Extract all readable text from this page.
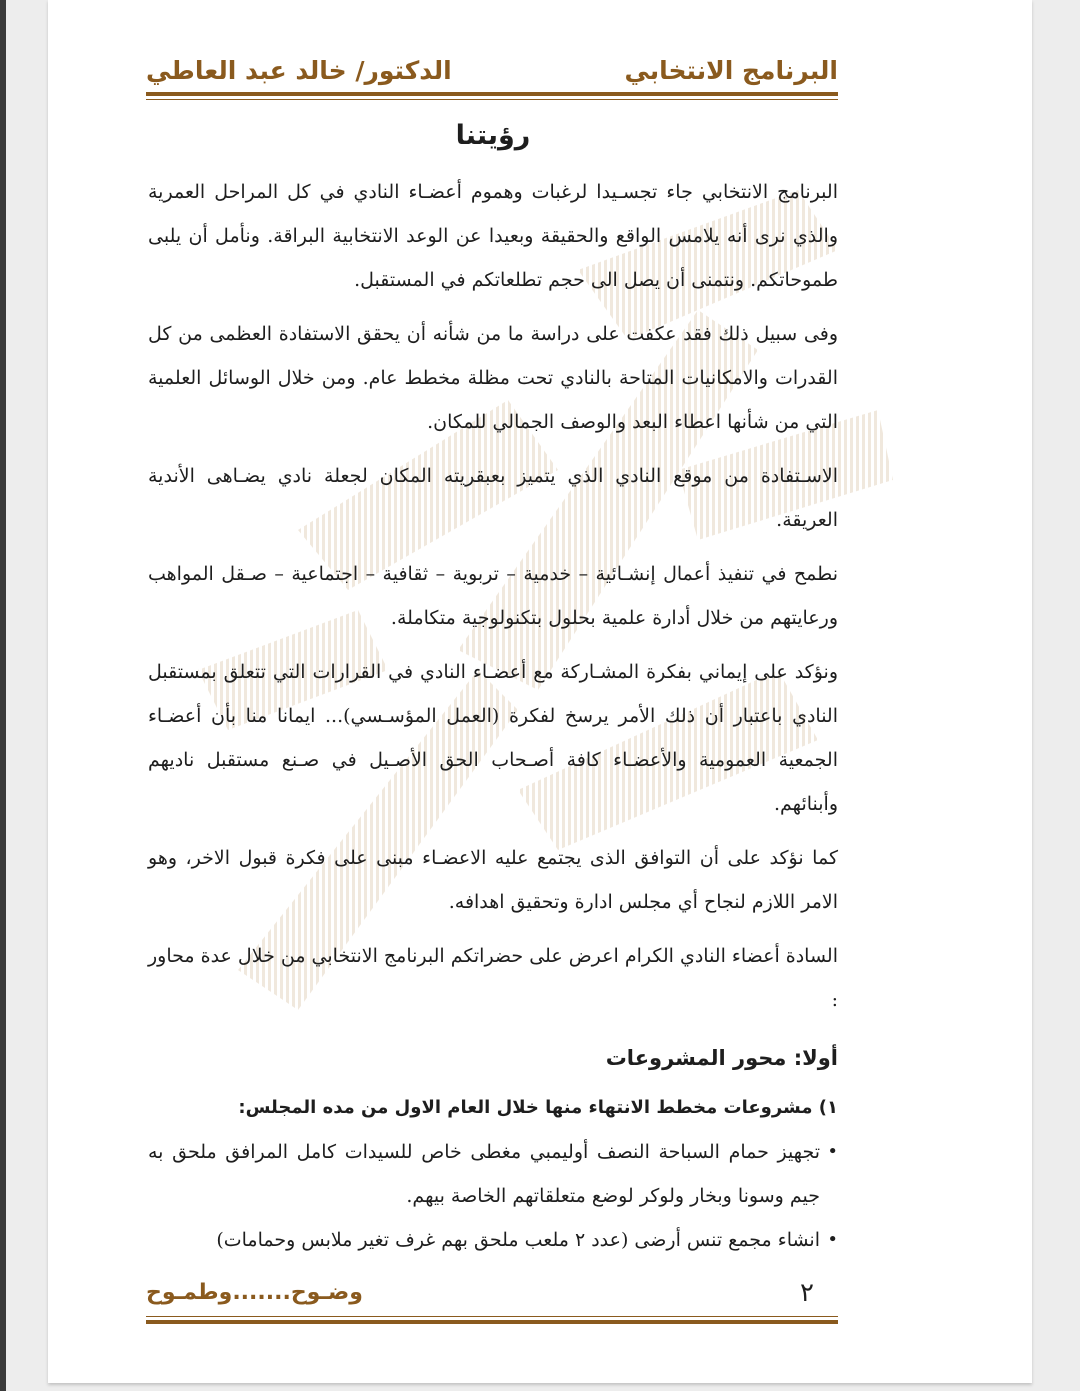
البرنامج الانتخابي
الدكتور/ خالد عبد العاطي
رؤيتنا

البرنامج الانتخابي جاء تجسـيدا لرغبات وهموم أعضـاء النادي في كل المراحل العمرية والذي نرى أنه يلامس الواقع والحقيقة وبعيدا عن الوعد الانتخابية البراقة. ونأمل أن يلبى طموحاتكم. ونتمنى أن يصل الى حجم تطلعاتكم في المستقبل.

وفى سبيل ذلك فقد عكفت على دراسة ما من شأنه أن يحقق الاستفادة العظمى من كل القدرات والامكانيات المتاحة بالنادي تحت مظلة مخطط عام. ومن خلال الوسائل العلمية التي من شأنها اعطاء البعد والوصف الجمالي للمكان.

الاسـتفادة من موقع النادي الذي يتميز بعبقريته المكان لجعلة نادي يضـاهى الأندية العريقة.

نطمح في تنفيذ أعمال إنشـائية – خدمية – تربوية – ثقافية – اجتماعية – صـقل المواهب ورعايتهم من خلال أدارة علمية بحلول بتكنولوجية متكاملة.

ونؤكد على إيماني بفكرة المشـاركة مع أعضـاء النادي في القرارات التي تتعلق بمستقبل النادي باعتبار أن ذلك الأمر يرسخ لفكرة (العمل المؤسـسي)... ايمانا منا بأن أعضـاء الجمعية العمومية والأعضـاء كافة أصـحاب الحق الأصـيل في صـنع مستقبل ناديهم وأبنائهم.

كما نؤكد على أن التوافق الذى يجتمع عليه الاعضـاء مبنى على فكرة قبول الاخر، وهو الامر اللازم لنجاح أي مجلس ادارة وتحقيق اهدافه.

السادة أعضاء النادي الكرام اعرض على حضراتكم البرنامج الانتخابي من خلال عدة محاور :

أولا: محور المشروعات
١) مشروعات مخطط الانتهاء منها خلال العام الاول من مده المجلس:
•
تجهيز حمام السباحة النصف أوليمبي مغطى خاص للسيدات كامل المرافق ملحق به جيم وسونا وبخار ولوكر لوضع متعلقاتهم الخاصة بيهم.
•
انشاء مجمع تنس أرضى (عدد ٢ ملعب ملحق بهم غرف تغير ملابس وحمامات)
وضـوح.......وطمـوح	٢
